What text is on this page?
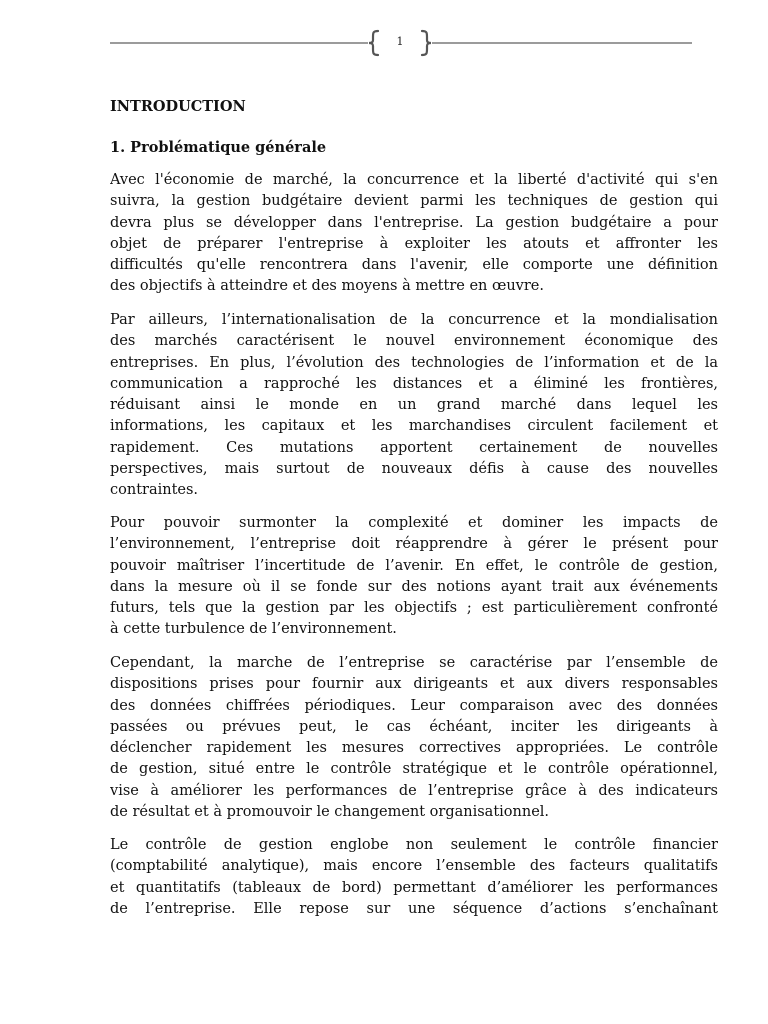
1
INTRODUCTION
1. Problématique générale
Avec l'économie de marché, la concurrence et la liberté d'activité qui s'en
suivra, la gestion budgétaire devient parmi les techniques de gestion qui
devra plus se développer dans l'entreprise. La gestion budgétaire a pour
objet de préparer l'entreprise à exploiter les atouts et affronter les
difficultés qu'elle rencontrera dans l'avenir, elle comporte une définition
des objectifs à atteindre et des moyens à mettre en œuvre.
Par ailleurs, l’internationalisation de la concurrence et la mondialisation
des marchés caractérisent le nouvel environnement économique des
entreprises. En plus, l’évolution des technologies de l’information et de la
communication a rapproché les distances et a éliminé les frontières,
réduisant ainsi le monde en un grand marché dans lequel les
informations, les capitaux et les marchandises circulent facilement et
rapidement. Ces mutations apportent certainement de nouvelles
perspectives, mais surtout de nouveaux défis à cause des nouvelles
contraintes.
Pour pouvoir surmonter la complexité et dominer les impacts de
l’environnement, l’entreprise doit réapprendre à gérer le présent pour
pouvoir maîtriser l’incertitude de l’avenir. En effet, le contrôle de gestion,
dans la mesure où il se fonde sur des notions ayant trait aux événements
futurs, tels que la gestion par les objectifs ; est particulièrement confronté
à cette turbulence de l’environnement.
Cependant, la marche de l’entreprise se caractérise par l’ensemble de
dispositions prises pour fournir aux dirigeants et aux divers responsables
des données chiffrées périodiques. Leur comparaison avec des données
passées ou prévues peut, le cas échéant, inciter les dirigeants à
déclencher rapidement les mesures correctives appropriées. Le contrôle
de gestion, situé entre le contrôle stratégique et le contrôle opérationnel,
vise à améliorer les performances de l’entreprise grâce à des indicateurs
de résultat et à promouvoir le changement organisationnel.
Le contrôle de gestion englobe non seulement le contrôle financier
(comptabilité analytique), mais encore l’ensemble des facteurs qualitatifs
et quantitatifs (tableaux de bord) permettant d’améliorer les performances
de l’entreprise. Elle repose sur une séquence d’actions s’enchaînant
